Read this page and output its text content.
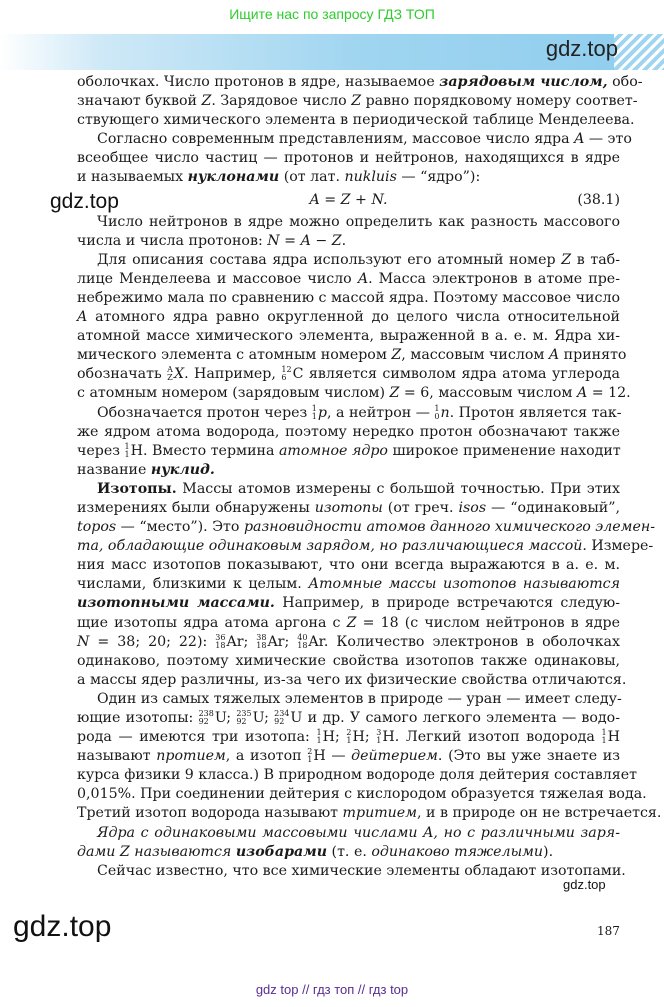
Ищите нас по запросу ГДЗ ТОП
gdz.top
оболочках. Число протонов в ядре, называемое зарядовым числом, обо-
значают буквой Z. Зарядовое число Z равно порядковому номеру соответ-
ствующего химического элемента в периодической таблице Менделеева.
Согласно современным представлениям, массовое число ядра A — это
всеобщее число частиц — протонов и нейтронов, находящихся в ядре
и называемых нуклонами (от лат. nukluis — “ядро”):
A = Z + N.	(38.1)
Число нейтронов в ядре можно определить как разность массового
числа и числа протонов: N = A − Z.
Для описания состава ядра используют его атомный номер Z в таб-
лице Менделеева и массовое число A. Масса электронов в атоме пре-
небрежимо мала по сравнению с массой ядра. Поэтому массовое число
A атомного ядра равно округленной до целого числа относительной
атомной массе химического элемента, выраженной в а. е. м. Ядра хи-
мического элемента с атомным номером Z, массовым числом A принято
обозначать A
Z X. Например, 12
6 C является символом ядра атома углерода
с атомным номером (зарядовым числом) Z = 6, массовым числом A = 12.
Обозначается протон через 1
1 p, а нейтрон — 1
0 n. Протон является так-
же ядром атома водорода, поэтому нередко протон обозначают также
через 1
1 H. Вместо термина атомное ядро широкое применение находит
название нуклид.
Изотопы. Массы атомов измерены с большой точностью. При этих
измерениях были обнаружены изотопы (от греч. isos — “одинаковый”,
topos — “место”). Это разновидности атомов данного химического элемен-
та, обладающие одинаковым зарядом, но различающиеся массой. Измере-
ния масс изотопов показывают, что они всегда выражаются в а. е. м.
числами, близкими к целым. Атомные массы изотопов называются
изотопными массами. Например, в природе встречаются следую-
щие изотопы ядра атома аргона с Z = 18 (с числом нейтронов в ядре
N = 38; 20; 22): 36
18 Ar; 38
18 Ar; 40
18 Ar. Количество электронов в оболочках
одинаково, поэтому химические свойства изотопов также одинаковы,
а массы ядер различны, из-за чего их физические свойства отличаются.
Один из самых тяжелых элементов в природе — уран — имеет следу-
ющие изотопы: 238
92 U; 235
92 U; 234
92 U и др. У самого легкого элемента — водо-
рода — имеются три изотопа: 1
1 H; 2
1 H; 3
1 H. Легкий изотоп водорода 1
1 H
называют протием, а изотоп 2
1 H — дейтерием. (Это вы уже знаете из
курса физики 9 класса.) В природном водороде доля дейтерия составляет
0,015%. При соединении дейтерия с кислородом образуется тяжелая вода.
Третий изотоп водорода называют тритием, и в природе он не встречается.
Ядра с одинаковыми массовыми числами A, но с различными заря-
дами Z называются изобарами (т. е. одинаково тяжелыми).
Сейчас известно, что все химические элементы обладают изотопами.
gdz.top
gdz.top
gdz.top	187
gdz top // гдз топ // гдз top
